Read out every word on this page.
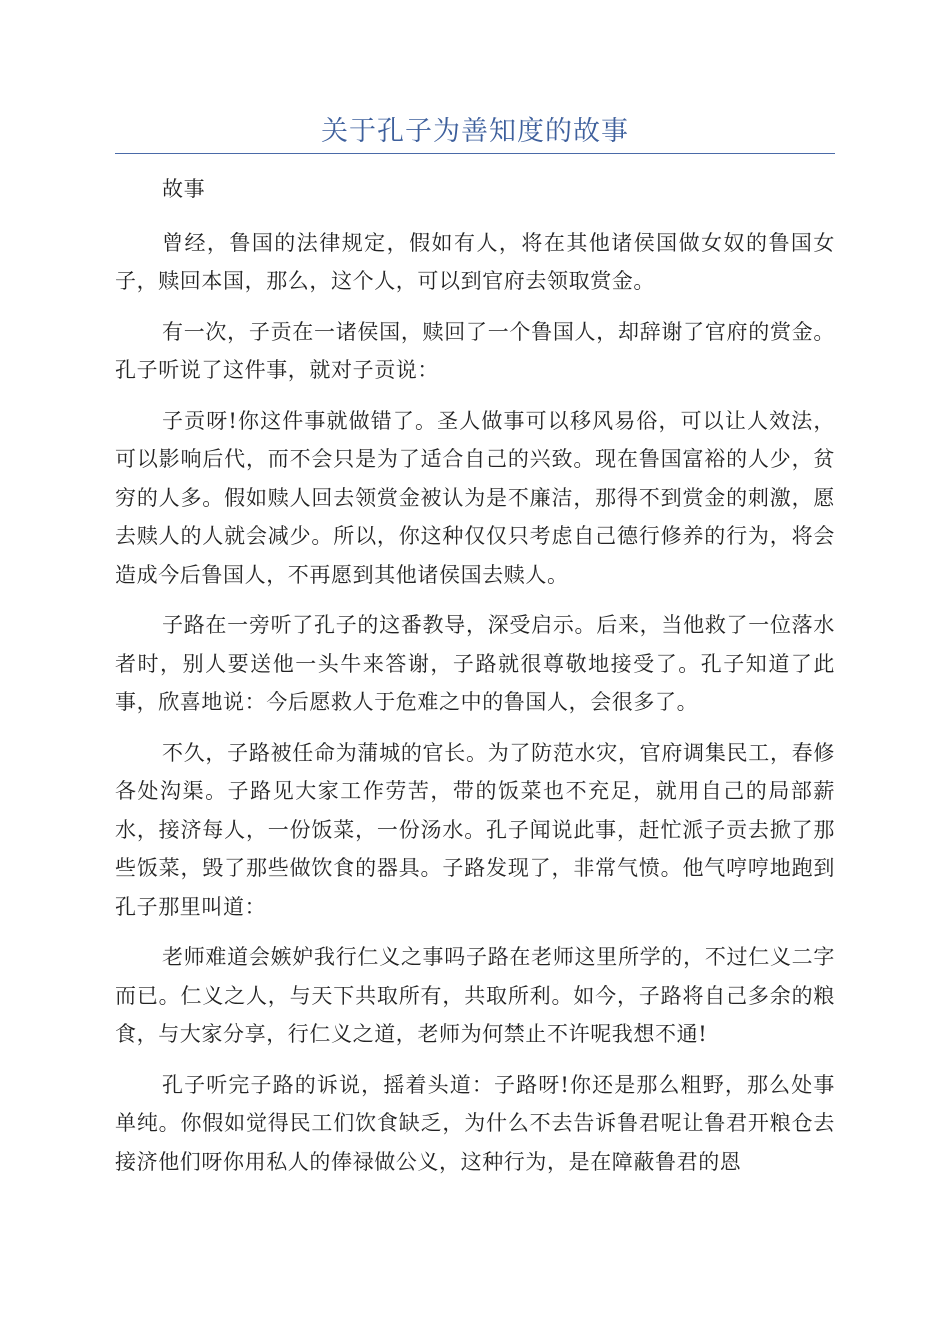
关于孔子为善知度的故事

故事

曾经，鲁国的法律规定，假如有人，将在其他诸侯国做女奴的鲁国女子，赎回本国，那么，这个人，可以到官府去领取赏金。

有一次，子贡在一诸侯国，赎回了一个鲁国人，却辞谢了官府的赏金。孔子听说了这件事，就对子贡说：

子贡呀!你这件事就做错了。圣人做事可以移风易俗，可以让人效法，可以影响后代，而不会只是为了适合自己的兴致。现在鲁国富裕的人少，贫穷的人多。假如赎人回去领赏金被认为是不廉洁，那得不到赏金的刺激，愿去赎人的人就会减少。所以，你这种仅仅只考虑自己德行修养的行为，将会造成今后鲁国人，不再愿到其他诸侯国去赎人。

子路在一旁听了孔子的这番教导，深受启示。后来，当他救了一位落水者时，别人要送他一头牛来答谢，子路就很尊敬地接受了。孔子知道了此事，欣喜地说：今后愿救人于危难之中的鲁国人，会很多了。

不久，子路被任命为蒲城的官长。为了防范水灾，官府调集民工，春修各处沟渠。子路见大家工作劳苦，带的饭菜也不充足，就用自己的局部薪水，接济每人，一份饭菜，一份汤水。孔子闻说此事，赶忙派子贡去掀了那些饭菜，毁了那些做饮食的器具。子路发现了，非常气愤。他气哼哼地跑到孔子那里叫道：

老师难道会嫉妒我行仁义之事吗子路在老师这里所学的，不过仁义二字而已。仁义之人，与天下共取所有，共取所利。如今，子路将自己多余的粮食，与大家分享，行仁义之道，老师为何禁止不许呢我想不通!

孔子听完子路的诉说，摇着头道：子路呀!你还是那么粗野，那么处事单纯。你假如觉得民工们饮食缺乏，为什么不去告诉鲁君呢让鲁君开粮仓去接济他们呀你用私人的俸禄做公义，这种行为，是在障蔽鲁君的恩
